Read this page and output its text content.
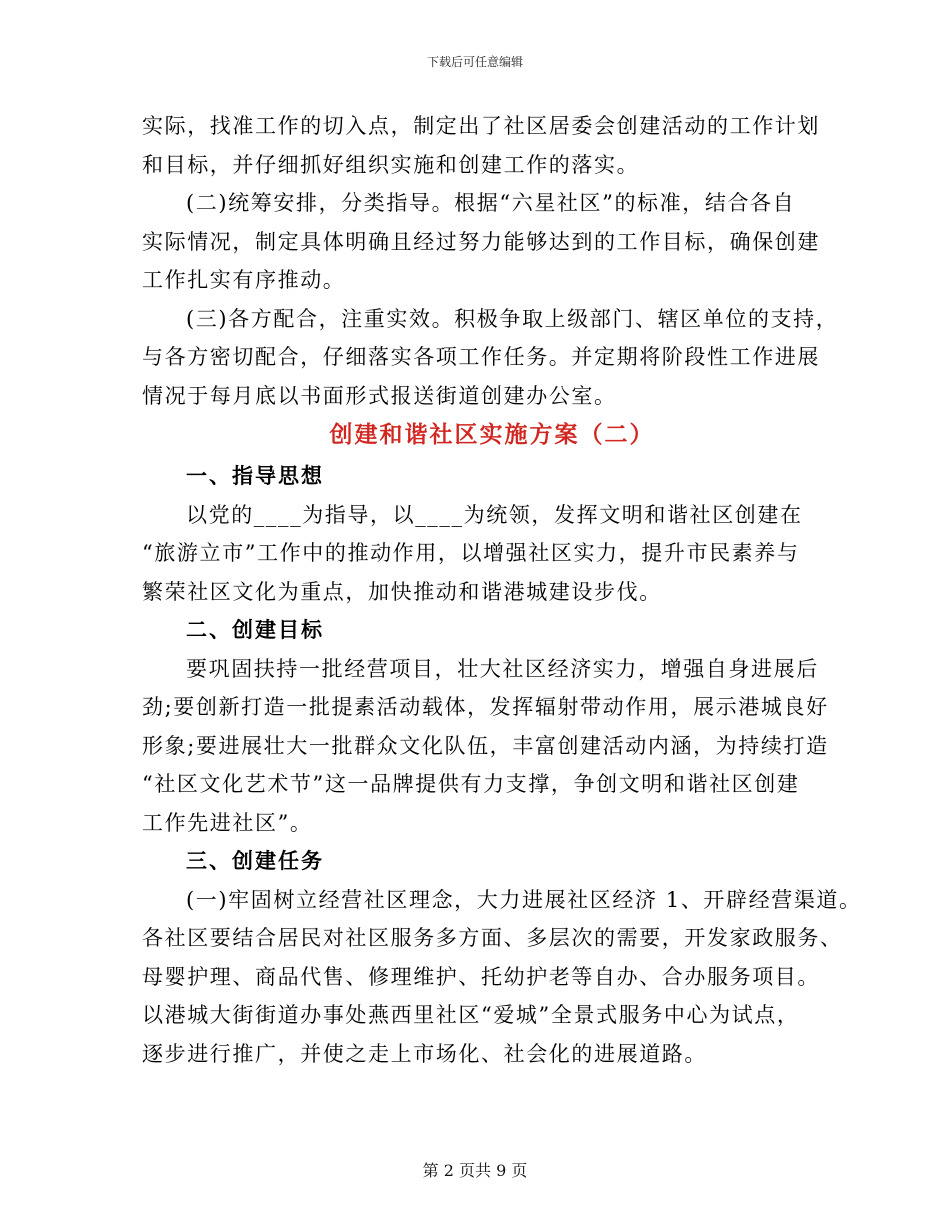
下载后可任意编辑
实际，找准工作的切入点，制定出了社区居委会创建活动的工作计划
和目标，并仔细抓好组织实施和创建工作的落实。
(二)统筹安排，分类指导。根据“六星社区”的标准，结合各自
实际情况，制定具体明确且经过努力能够达到的工作目标，确保创建
工作扎实有序推动。
(三)各方配合，注重实效。积极争取上级部门、辖区单位的支持，
与各方密切配合，仔细落实各项工作任务。并定期将阶段性工作进展
情况于每月底以书面形式报送街道创建办公室。
创建和谐社区实施方案（二）
一、指导思想
以党的____为指导，以____为统领，发挥文明和谐社区创建在
“旅游立市”工作中的推动作用，以增强社区实力，提升市民素养与
繁荣社区文化为重点，加快推动和谐港城建设步伐。
二、创建目标
要巩固扶持一批经营项目，壮大社区经济实力，增强自身进展后
劲;要创新打造一批提素活动载体，发挥辐射带动作用，展示港城良好
形象;要进展壮大一批群众文化队伍，丰富创建活动内涵，为持续打造
“社区文化艺术节”这一品牌提供有力支撑，争创文明和谐社区创建
工作先进社区”。
三、创建任务
(一)牢固树立经营社区理念，大力进展社区经济 1、开辟经营渠道。
各社区要结合居民对社区服务多方面、多层次的需要，开发家政服务、
母婴护理、商品代售、修理维护、托幼护老等自办、合办服务项目。
以港城大街街道办事处燕西里社区“爱城”全景式服务中心为试点，
逐步进行推广，并使之走上市场化、社会化的进展道路。
第 2 页共 9 页
